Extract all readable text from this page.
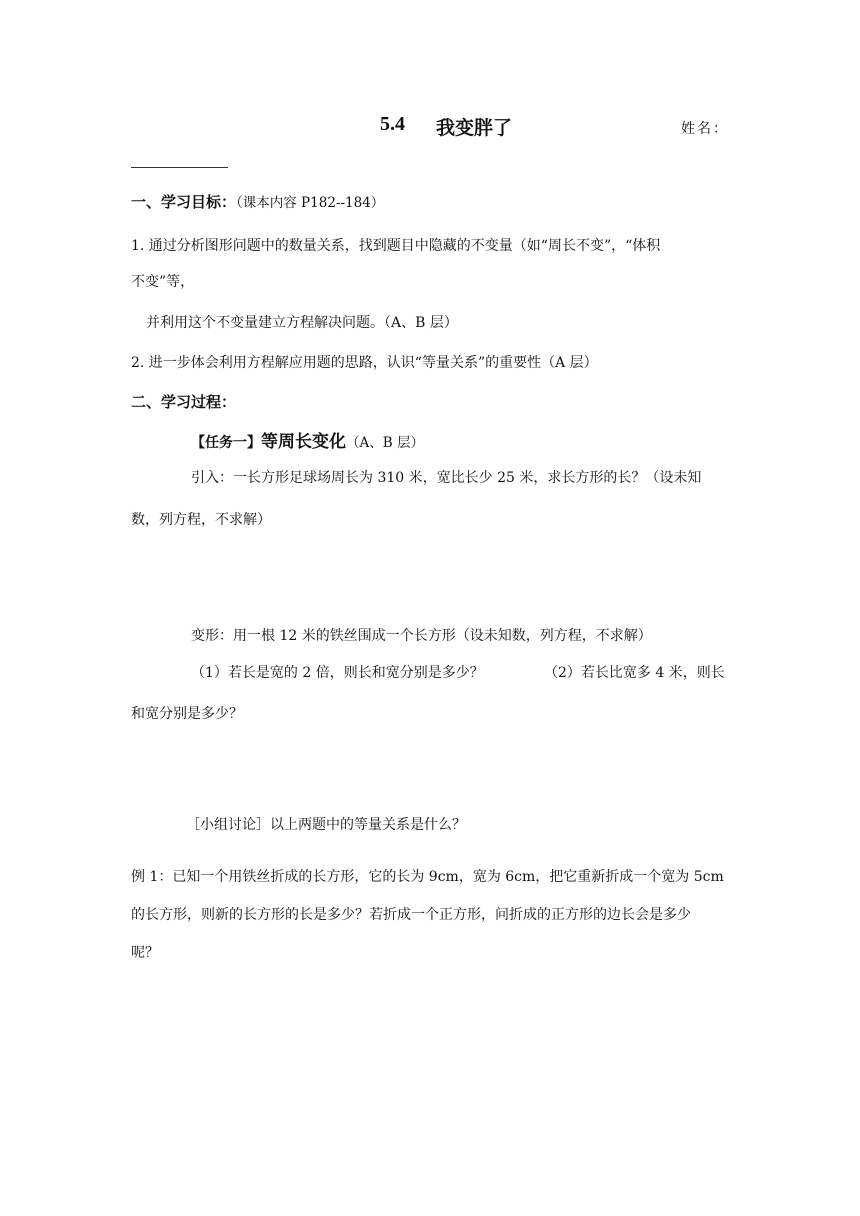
5.4 我变胖了	姓名：
一、学习目标：（课本内容 P182--184）
1. 通过分析图形问题中的数量关系，找到题目中隐藏的不变量（如“周长不变”，“体积
不变”等，
并利用这个不变量建立方程解决问题。（A、B 层）
2. 进一步体会利用方程解应用题的思路，认识“等量关系”的重要性（A 层）
二、学习过程：
【任务一】等周长变化（A、B 层）
引入：一长方形足球场周长为 310 米，宽比长少 25 米，求长方形的长？（设未知
数，列方程，不求解）
变形：用一根 12 米的铁丝围成一个长方形（设未知数，列方程，不求解）
（1）若长是宽的 2 倍，则长和宽分别是多少？	（2）若长比宽多 4 米，则长
和宽分别是多少？
［小组讨论］以上两题中的等量关系是什么？
例 1：已知一个用铁丝折成的长方形，它的长为 9cm，宽为 6cm，把它重新折成一个宽为 5cm
的长方形，则新的长方形的长是多少？若折成一个正方形，问折成的正方形的边长会是多少
呢？
